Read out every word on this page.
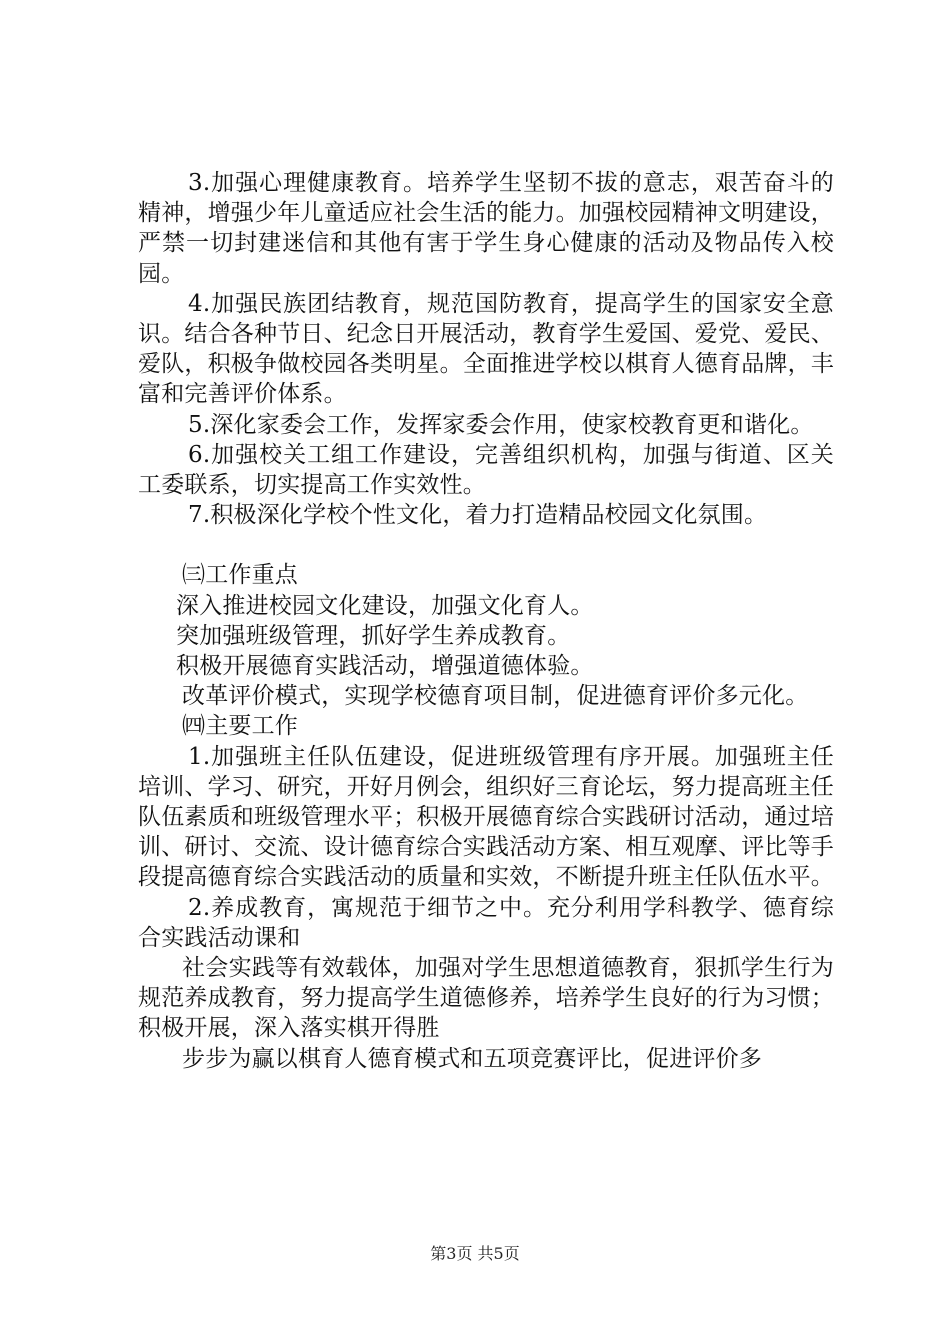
3.加强心理健康教育。培养学生坚韧不拔的意志，艰苦奋斗的精神，增强少年儿童适应社会生活的能力。加强校园精神文明建设，严禁一切封建迷信和其他有害于学生身心健康的活动及物品传入校园。

4.加强民族团结教育，规范国防教育，提高学生的国家安全意识。结合各种节日、纪念日开展活动，教育学生爱国、爱党、爱民、爱队，积极争做校园各类明星。全面推进学校以棋育人德育品牌，丰富和完善评价体系。

5.深化家委会工作，发挥家委会作用，使家校教育更和谐化。

6.加强校关工组工作建设，完善组织机构，加强与街道、区关工委联系，切实提高工作实效性。

7.积极深化学校个性文化，着力打造精品校园文化氛围。

㈢工作重点

深入推进校园文化建设，加强文化育人。

突加强班级管理，抓好学生养成教育。

积极开展德育实践活动，增强道德体验。

改革评价模式，实现学校德育项目制，促进德育评价多元化。

㈣主要工作

1.加强班主任队伍建设，促进班级管理有序开展。加强班主任培训、学习、研究，开好月例会，组织好三育论坛，努力提高班主任队伍素质和班级管理水平；积极开展德育综合实践研讨活动，通过培训、研讨、交流、设计德育综合实践活动方案、相互观摩、评比等手段提高德育综合实践活动的质量和实效，不断提升班主任队伍水平。

2.养成教育，寓规范于细节之中。充分利用学科教学、德育综合实践活动课和

社会实践等有效载体，加强对学生思想道德教育，狠抓学生行为规范养成教育，努力提高学生道德修养，培养学生良好的行为习惯；积极开展，深入落实棋开得胜

步步为赢以棋育人德育模式和五项竞赛评比，促进评价多

第3页 共5页
